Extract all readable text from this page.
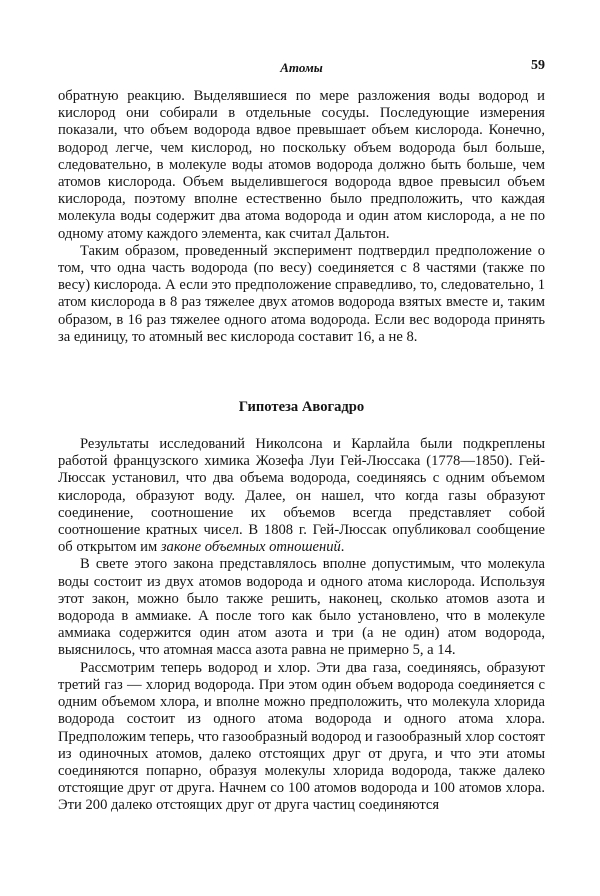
Атомы	59

обратную реакцию. Выделявшиеся по мере разложения воды водород и кислород они собирали в отдельные сосуды. Последующие измерения показали, что объем водорода вдвое превышает объем кислорода. Конечно, водород легче, чем кислород, но поскольку объем водорода был больше, следовательно, в молекуле воды атомов водорода должно быть больше, чем атомов кислорода. Объем выделившегося водорода вдвое превысил объем кислорода, поэтому вполне естественно было предположить, что каждая молекула воды содержит два атома водорода и один атом кислорода, а не по одному атому каждого элемента, как считал Дальтон.

Таким образом, проведенный эксперимент подтвердил предположение о том, что одна часть водорода (по весу) соединяется с 8 частями (также по весу) кислорода. А если это предположение справедливо, то, следовательно, 1 атом кислорода в 8 раз тяжелее двух атомов водорода взятых вместе и, таким образом, в 16 раз тяжелее одного атома водорода. Если вес водорода принять за единицу, то атомный вес кислорода составит 16, а не 8.

Гипотеза Авогадро

Результаты исследований Николсона и Карлайла были подкреплены работой французского химика Жозефа Луи Гей-Люссака (1778—1850). Гей-Люссак установил, что два объема водорода, соединяясь с одним объемом кислорода, образуют воду. Далее, он нашел, что когда газы образуют соединение, соотношение их объемов всегда представляет собой соотношение кратных чисел. В 1808 г. Гей-Люссак опубликовал сообщение об открытом им законе объемных отношений.

В свете этого закона представлялось вполне допустимым, что молекула воды состоит из двух атомов водорода и одного атома кислорода. Используя этот закон, можно было также решить, наконец, сколько атомов азота и водорода в аммиаке. А после того как было установлено, что в молекуле аммиака содержится один атом азота и три (а не один) атом водорода, выяснилось, что атомная масса азота равна не примерно 5, а 14.

Рассмотрим теперь водород и хлор. Эти два газа, соединяясь, образуют третий газ — хлорид водорода. При этом один объем водорода соединяется с одним объемом хлора, и вполне можно предположить, что молекула хлорида водорода состоит из одного атома водорода и одного атома хлора. Предположим теперь, что газообразный водород и газообразный хлор состоят из одиночных атомов, далеко отстоящих друг от друга, и что эти атомы соединяются попарно, образуя молекулы хлорида водорода, также далеко отстоящие друг от друга. Начнем со 100 атомов водорода и 100 атомов хлора. Эти 200 далеко отстоящих друг от друга частиц соединяются
